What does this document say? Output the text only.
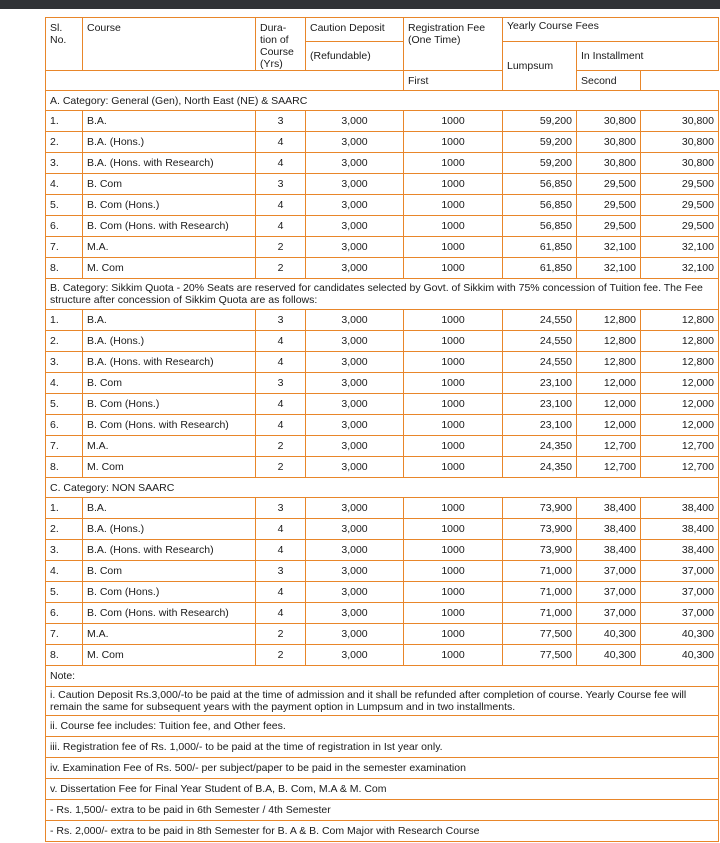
Sl. No.	Course	Dura- tion of Course (Yrs)	Caution Deposit	Registration Fee (One Time)	Yearly Course Fees		
			(Refundable)		Lumpsum	In Installment	
				First		Second	
A. Category: General (Gen), North East (NE) & SAARC							
1.	B.A.	3	3,000	1000	59,200	30,800	30,800
2.	B.A. (Hons.)	4	3,000	1000	59,200	30,800	30,800
3.	B.A. (Hons. with Research)	4	3,000	1000	59,200	30,800	30,800
4.	B. Com	3	3,000	1000	56,850	29,500	29,500
5.	B. Com (Hons.)	4	3,000	1000	56,850	29,500	29,500
6.	B. Com (Hons. with Research)	4	3,000	1000	56,850	29,500	29,500
7.	M.A.	2	3,000	1000	61,850	32,100	32,100
8.	M. Com	2	3,000	1000	61,850	32,100	32,100
B. Category: Sikkim Quota - 20% Seats are reserved for candidates selected by Govt. of Sikkim with 75% concession of Tuition fee. The Fee structure after concession of Sikkim Quota are as follows:							
1.	B.A.	3	3,000	1000	24,550	12,800	12,800
2.	B.A. (Hons.)	4	3,000	1000	24,550	12,800	12,800
3.	B.A. (Hons. with Research)	4	3,000	1000	24,550	12,800	12,800
4.	B. Com	3	3,000	1000	23,100	12,000	12,000
5.	B. Com (Hons.)	4	3,000	1000	23,100	12,000	12,000
6.	B. Com (Hons. with Research)	4	3,000	1000	23,100	12,000	12,000
7.	M.A.	2	3,000	1000	24,350	12,700	12,700
8.	M. Com	2	3,000	1000	24,350	12,700	12,700
C. Category: NON SAARC							
1.	B.A.	3	3,000	1000	73,900	38,400	38,400
2.	B.A. (Hons.)	4	3,000	1000	73,900	38,400	38,400
3.	B.A. (Hons. with Research)	4	3,000	1000	73,900	38,400	38,400
4.	B. Com	3	3,000	1000	71,000	37,000	37,000
5.	B. Com (Hons.)	4	3,000	1000	71,000	37,000	37,000
6.	B. Com (Hons. with Research)	4	3,000	1000	71,000	37,000	37,000
7.	M.A.	2	3,000	1000	77,500	40,300	40,300
8.	M. Com	2	3,000	1000	77,500	40,300	40,300
Note:							
i. Caution Deposit Rs.3,000/-to be paid at the time of admission and it shall be refunded after completion of course. Yearly Course fee will remain the same for subsequent years with the payment option in Lumpsum and in two installments.							
ii. Course fee includes: Tuition fee, and Other fees.							
iii. Registration fee of Rs. 1,000/- to be paid at the time of registration in Ist year only.							
iv. Examination Fee of Rs. 500/- per subject/paper to be paid in the semester examination							
v. Dissertation Fee for Final Year Student of B.A, B. Com, M.A & M. Com							
- Rs. 1,500/- extra to be paid in 6th Semester / 4th Semester							
- Rs. 2,000/- extra to be paid in 8th Semester for B. A & B. Com Major with Research Course							
